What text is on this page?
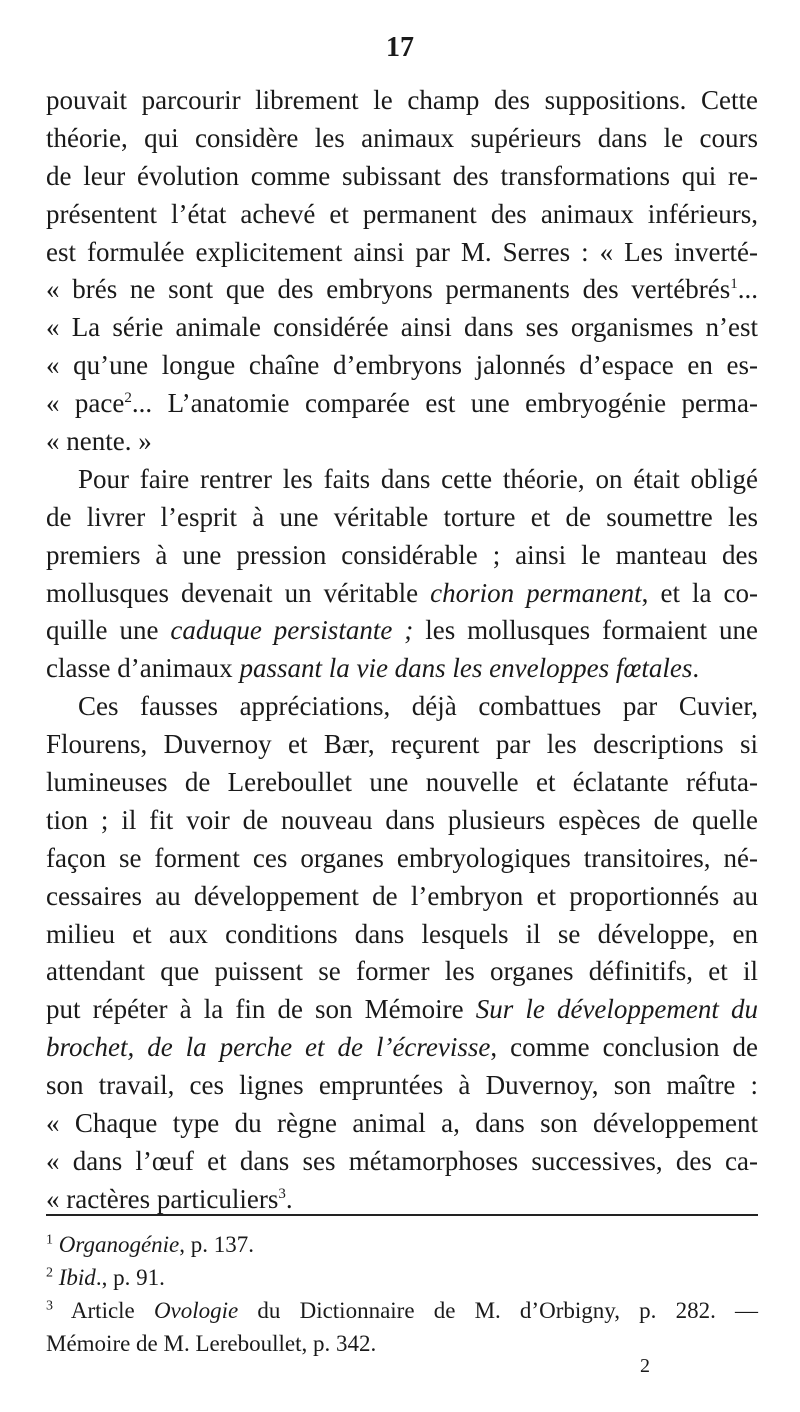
17
pouvait parcourir librement le champ des suppositions. Cette
théorie, qui considère les animaux supérieurs dans le cours
de leur évolution comme subissant des transformations qui re-
présentent l’état achevé et permanent des animaux inférieurs,
est formulée explicitement ainsi par M. Serres : « Les inverté-
« brés ne sont que des embryons permanents des vertébrés$^1$...
« La série animale considérée ainsi dans ses organismes n’est
« qu’une longue chaîne d’embryons jalonnés d’espace en es-
« pace$^2$... L’anatomie comparée est une embryogénie perma-
« nente. »
Pour faire rentrer les faits dans cette théorie, on était obligé
de livrer l’esprit à une véritable torture et de soumettre les
premiers à une pression considérable ; ainsi le manteau des
mollusques devenait un véritable chorion permanent, et la co-
quille une caduque persistante ; les mollusques formaient une
classe d’animaux passant la vie dans les enveloppes fœtales.
Ces fausses appréciations, déjà combattues par Cuvier,
Flourens, Duvernoy et Bær, reçurent par les descriptions si
lumineuses de Lereboullet une nouvelle et éclatante réfuta-
tion ; il fit voir de nouveau dans plusieurs espèces de quelle
façon se forment ces organes embryologiques transitoires, né-
cessaires au développement de l’embryon et proportionnés au
milieu et aux conditions dans lesquels il se développe, en
attendant que puissent se former les organes définitifs, et il
put répéter à la fin de son Mémoire Sur le développement du
brochet, de la perche et de l’écrevisse, comme conclusion de
son travail, ces lignes empruntées à Duvernoy, son maître :
« Chaque type du règne animal a, dans son développement
« dans l’œuf et dans ses métamorphoses successives, des ca-
« ractères particuliers$^3$.
$^1$ Organogénie, p. 137.
$^2$ Ibid., p. 91.
$^3$ Article Ovologie du Dictionnaire de M. d’Orbigny, p. 282. —
Mémoire de M. Lereboullet, p. 342.
2
